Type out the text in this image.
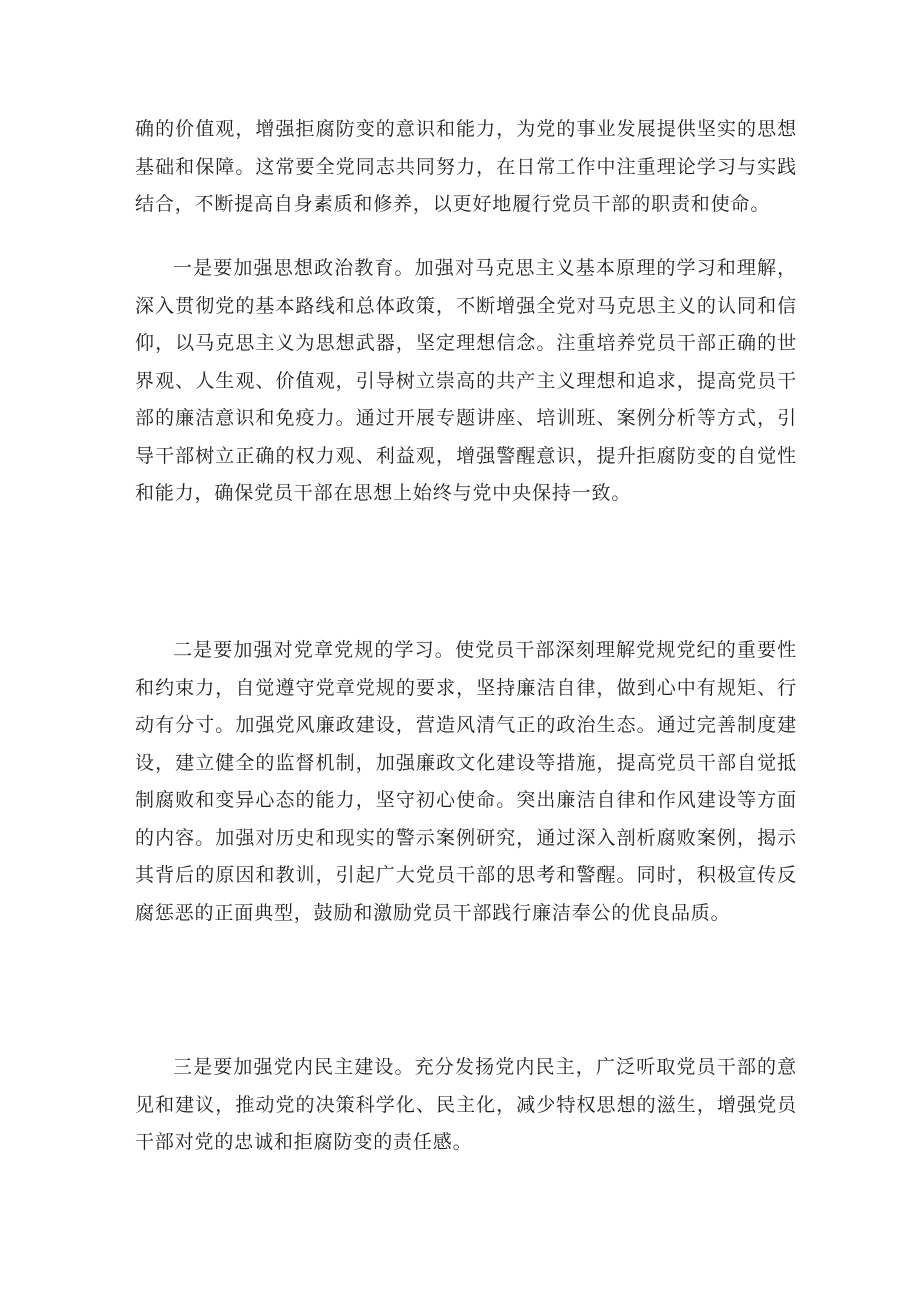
确的价值观，增强拒腐防变的意识和能力，为党的事业发展提供坚实的思想基础和保障。这常要全党同志共同努力，在日常工作中注重理论学习与实践结合，不断提高自身素质和修养，以更好地履行党员干部的职责和使命。

一是要加强思想政治教育。加强对马克思主义基本原理的学习和理解，深入贯彻党的基本路线和总体政策，不断增强全党对马克思主义的认同和信仰，以马克思主义为思想武器，坚定理想信念。注重培养党员干部正确的世界观、人生观、价值观，引导树立崇高的共产主义理想和追求，提高党员干部的廉洁意识和免疫力。通过开展专题讲座、培训班、案例分析等方式，引导干部树立正确的权力观、利益观，增强警醒意识，提升拒腐防变的自觉性和能力，确保党员干部在思想上始终与党中央保持一致。

二是要加强对党章党规的学习。使党员干部深刻理解党规党纪的重要性和约束力，自觉遵守党章党规的要求，坚持廉洁自律，做到心中有规矩、行动有分寸。加强党风廉政建设，营造风清气正的政治生态。通过完善制度建设，建立健全的监督机制，加强廉政文化建设等措施，提高党员干部自觉抵制腐败和变异心态的能力，坚守初心使命。突出廉洁自律和作风建设等方面的内容。加强对历史和现实的警示案例研究，通过深入剖析腐败案例，揭示其背后的原因和教训，引起广大党员干部的思考和警醒。同时，积极宣传反腐惩恶的正面典型，鼓励和激励党员干部践行廉洁奉公的优良品质。

三是要加强党内民主建设。充分发扬党内民主，广泛听取党员干部的意见和建议，推动党的决策科学化、民主化，减少特权思想的滋生，增强党员干部对党的忠诚和拒腐防变的责任感。
